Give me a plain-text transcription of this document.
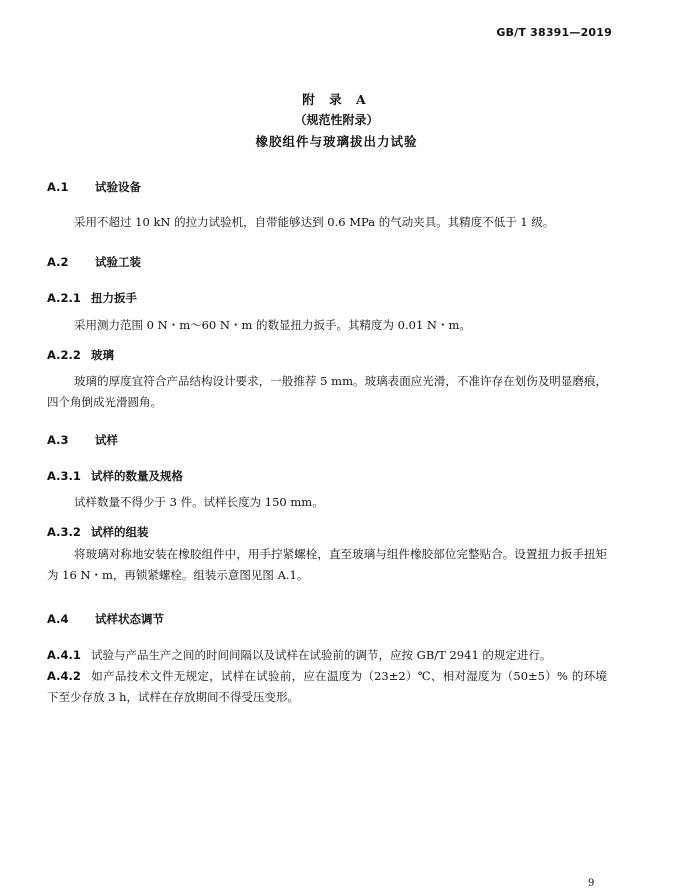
GB/T 38391—2019
附 录 A
（规范性附录）
橡胶组件与玻璃拔出力试验
A.1 试验设备
采用不超过 10 kN 的拉力试验机，自带能够达到 0.6 MPa 的气动夹具。其精度不低于 1 级。
A.2 试验工装
A.2.1 扭力扳手
采用测力范围 0 N・m～60 N・m 的数显扭力扳手。其精度为 0.01 N・m。
A.2.2 玻璃
玻璃的厚度宜符合产品结构设计要求，一般推荐 5 mm。玻璃表面应光滑，不准许存在划伤及明显磨痕，四个角倒成光滑圆角。
A.3 试样
A.3.1 试样的数量及规格
试样数量不得少于 3 件。试样长度为 150 mm。
A.3.2 试样的组装
将玻璃对称地安装在橡胶组件中，用手拧紧螺栓，直至玻璃与组件橡胶部位完整贴合。设置扭力扳手扭矩为 16 N・m，再锁紧螺栓。组装示意图见图 A.1。
A.4 试样状态调节
A.4.1 试验与产品生产之间的时间间隔以及试样在试验前的调节，应按 GB/T 2941 的规定进行。
A.4.2 如产品技术文件无规定，试样在试验前，应在温度为（23±2）℃、相对湿度为（50±5）% 的环境下至少存放 3 h，试样在存放期间不得受压变形。
9
